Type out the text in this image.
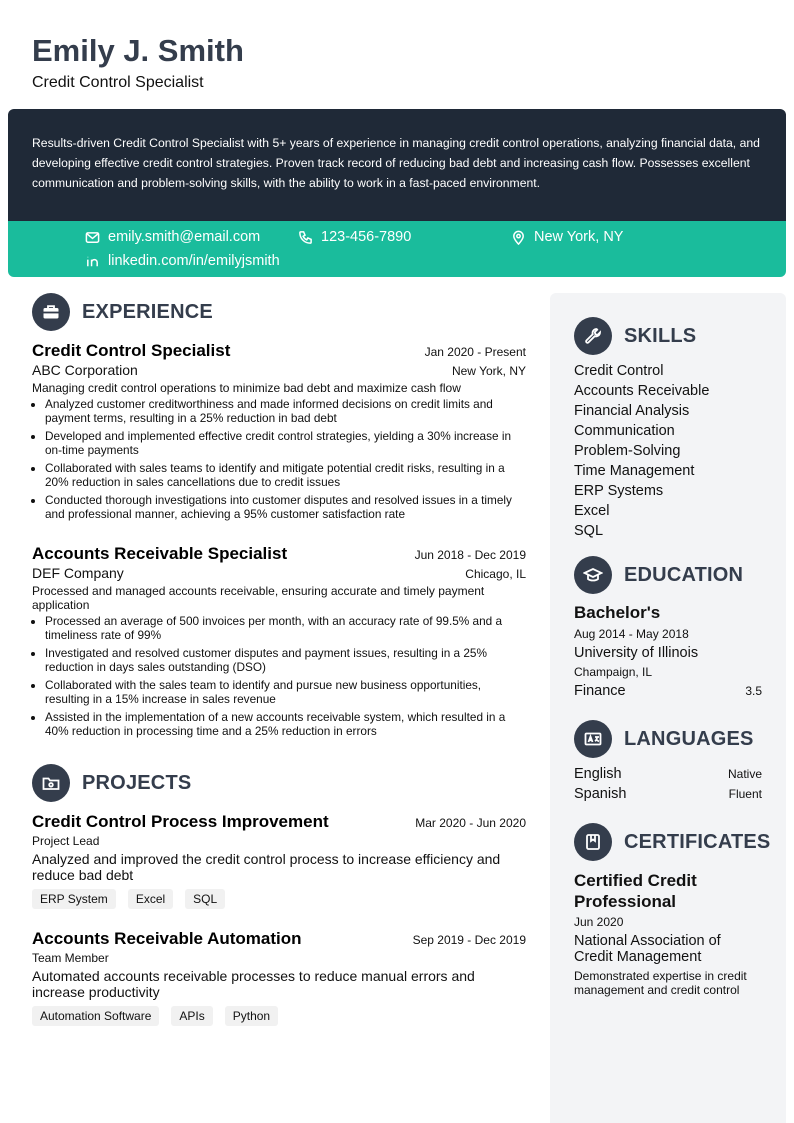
Emily J. Smith
Credit Control Specialist
Results-driven Credit Control Specialist with 5+ years of experience in managing credit control operations, analyzing financial data, and developing effective credit control strategies. Proven track record of reducing bad debt and increasing cash flow. Possesses excellent communication and problem-solving skills, with the ability to work in a fast-paced environment.
emily.smith@email.com	123-456-7890	New York, NY
linkedin.com/in/emilyjsmith
EXPERIENCE
Credit Control Specialist	Jan 2020 - Present
ABC Corporation	New York, NY
Managing credit control operations to minimize bad debt and maximize cash flow
• Analyzed customer creditworthiness and made informed decisions on credit limits and payment terms, resulting in a 25% reduction in bad debt
• Developed and implemented effective credit control strategies, yielding a 30% increase in on-time payments
• Collaborated with sales teams to identify and mitigate potential credit risks, resulting in a 20% reduction in sales cancellations due to credit issues
• Conducted thorough investigations into customer disputes and resolved issues in a timely and professional manner, achieving a 95% customer satisfaction rate
Accounts Receivable Specialist	Jun 2018 - Dec 2019
DEF Company	Chicago, IL
Processed and managed accounts receivable, ensuring accurate and timely payment application
• Processed an average of 500 invoices per month, with an accuracy rate of 99.5% and a timeliness rate of 99%
• Investigated and resolved customer disputes and payment issues, resulting in a 25% reduction in days sales outstanding (DSO)
• Collaborated with the sales team to identify and pursue new business opportunities, resulting in a 15% increase in sales revenue
• Assisted in the implementation of a new accounts receivable system, which resulted in a 40% reduction in processing time and a 25% reduction in errors
PROJECTS
Credit Control Process Improvement	Mar 2020 - Jun 2020
Project Lead
Analyzed and improved the credit control process to increase efficiency and reduce bad debt
ERP System	Excel	SQL
Accounts Receivable Automation	Sep 2019 - Dec 2019
Team Member
Automated accounts receivable processes to reduce manual errors and increase productivity
Automation Software	APIs	Python
SKILLS
Credit Control
Accounts Receivable
Financial Analysis
Communication
Problem-Solving
Time Management
ERP Systems
Excel
SQL
EDUCATION
Bachelor's
Aug 2014 - May 2018
University of Illinois
Champaign, IL
Finance	3.5
LANGUAGES
English	Native
Spanish	Fluent
CERTIFICATES
Certified Credit Professional
Jun 2020
National Association of Credit Management
Demonstrated expertise in credit management and credit control
